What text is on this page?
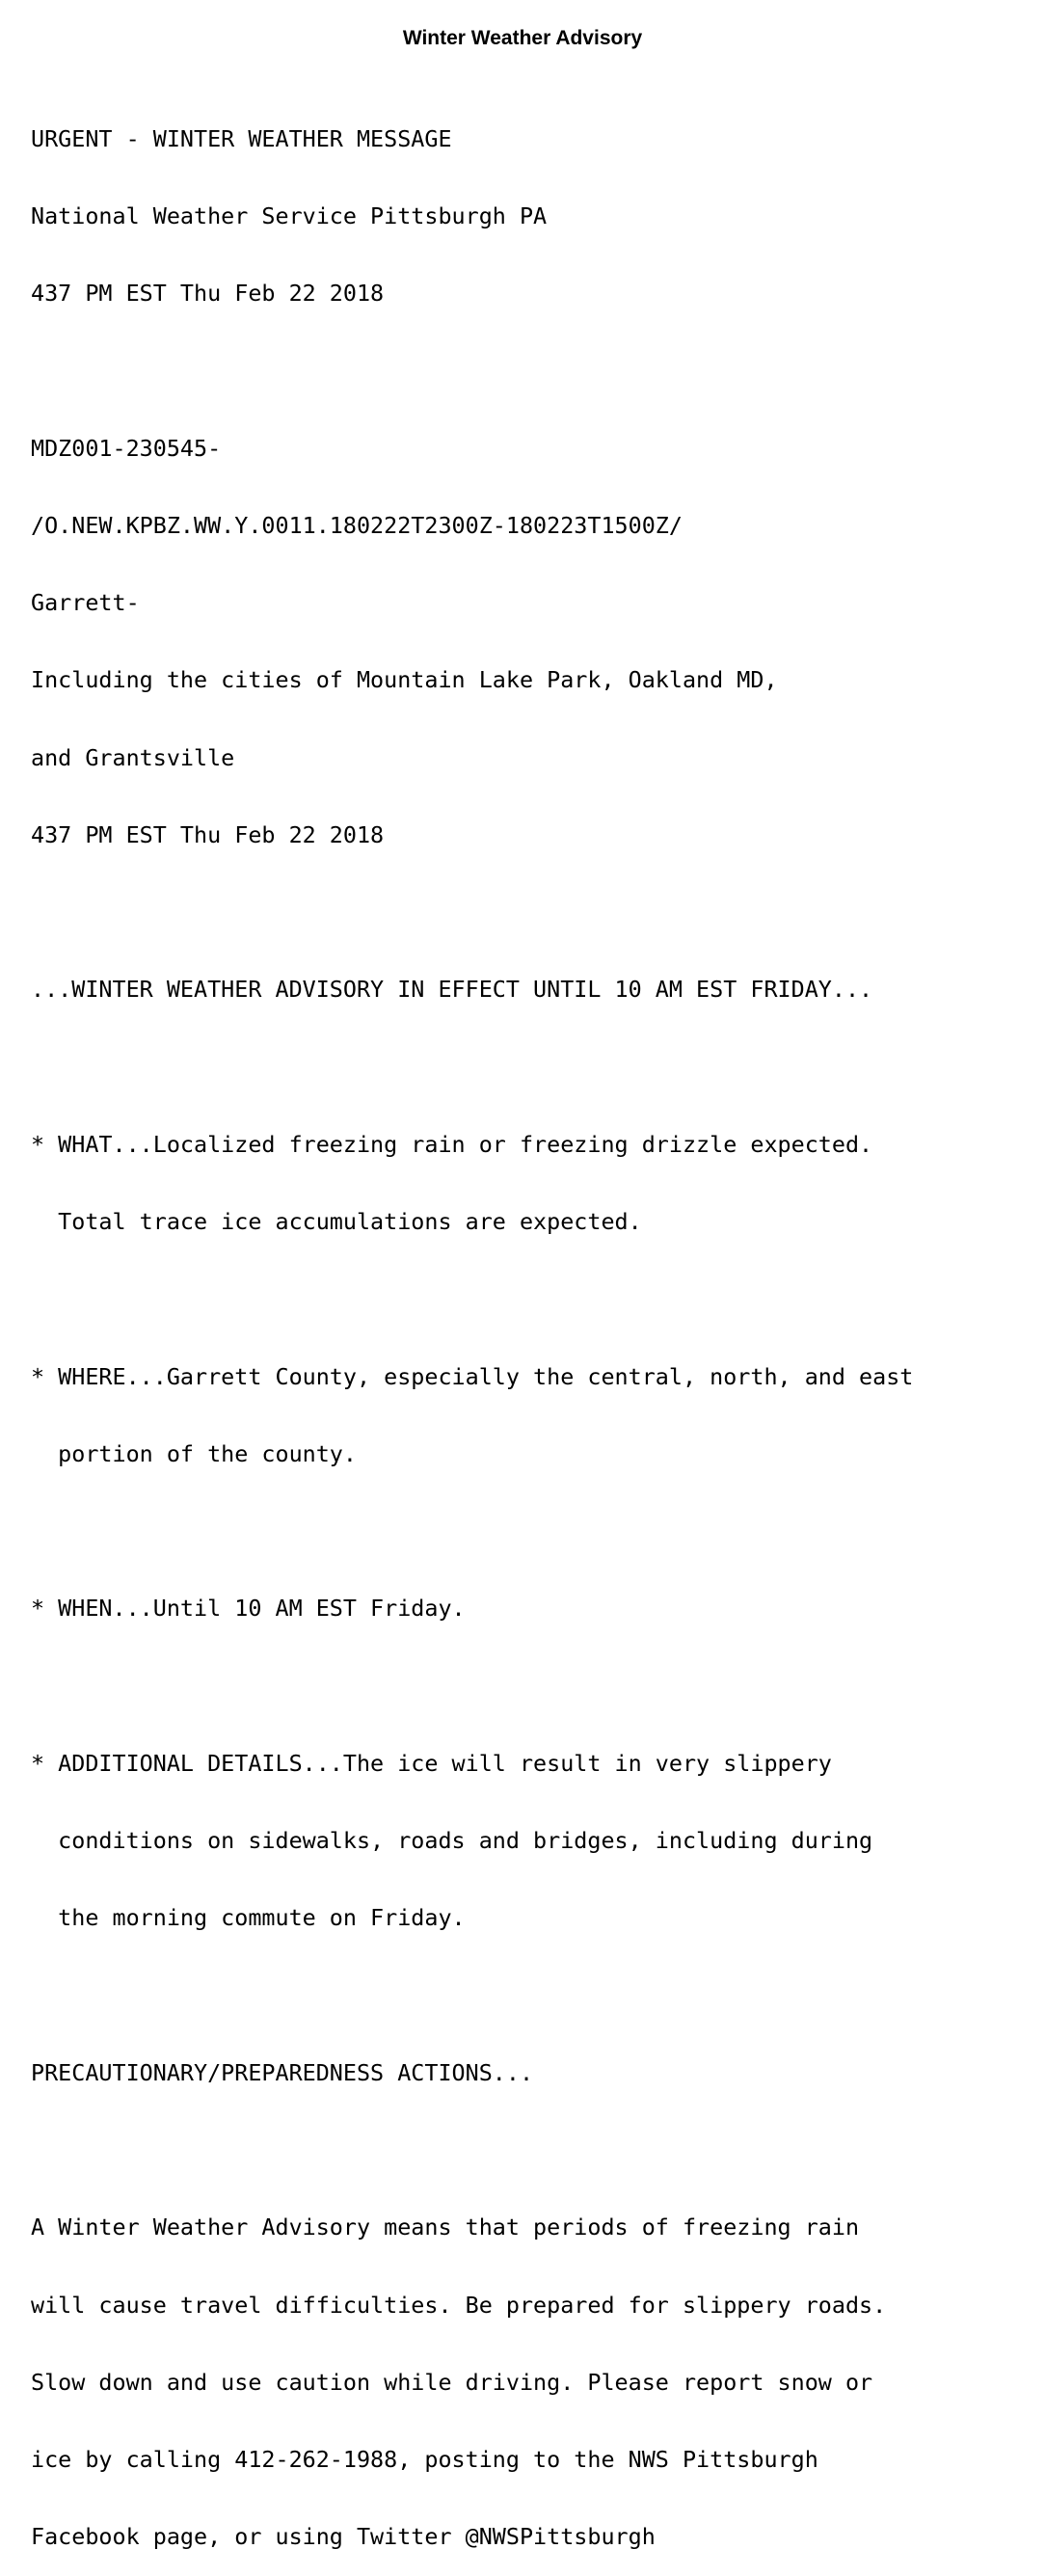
Winter Weather Advisory

URGENT - WINTER WEATHER MESSAGE

National Weather Service Pittsburgh PA

437 PM EST Thu Feb 22 2018

MDZ001-230545-

/O.NEW.KPBZ.WW.Y.0011.180222T2300Z-180223T1500Z/

Garrett-

Including the cities of Mountain Lake Park, Oakland MD,

and Grantsville

437 PM EST Thu Feb 22 2018

...WINTER WEATHER ADVISORY IN EFFECT UNTIL 10 AM EST FRIDAY...

* WHAT...Localized freezing rain or freezing drizzle expected.

Total trace ice accumulations are expected.

* WHERE...Garrett County, especially the central, north, and east

portion of the county.

* WHEN...Until 10 AM EST Friday.

* ADDITIONAL DETAILS...The ice will result in very slippery

conditions on sidewalks, roads and bridges, including during

the morning commute on Friday.

PRECAUTIONARY/PREPAREDNESS ACTIONS...

A Winter Weather Advisory means that periods of freezing rain

will cause travel difficulties. Be prepared for slippery roads.

Slow down and use caution while driving. Please report snow or

ice by calling 412-262-1988, posting to the NWS Pittsburgh

Facebook page, or using Twitter @NWSPittsburgh
